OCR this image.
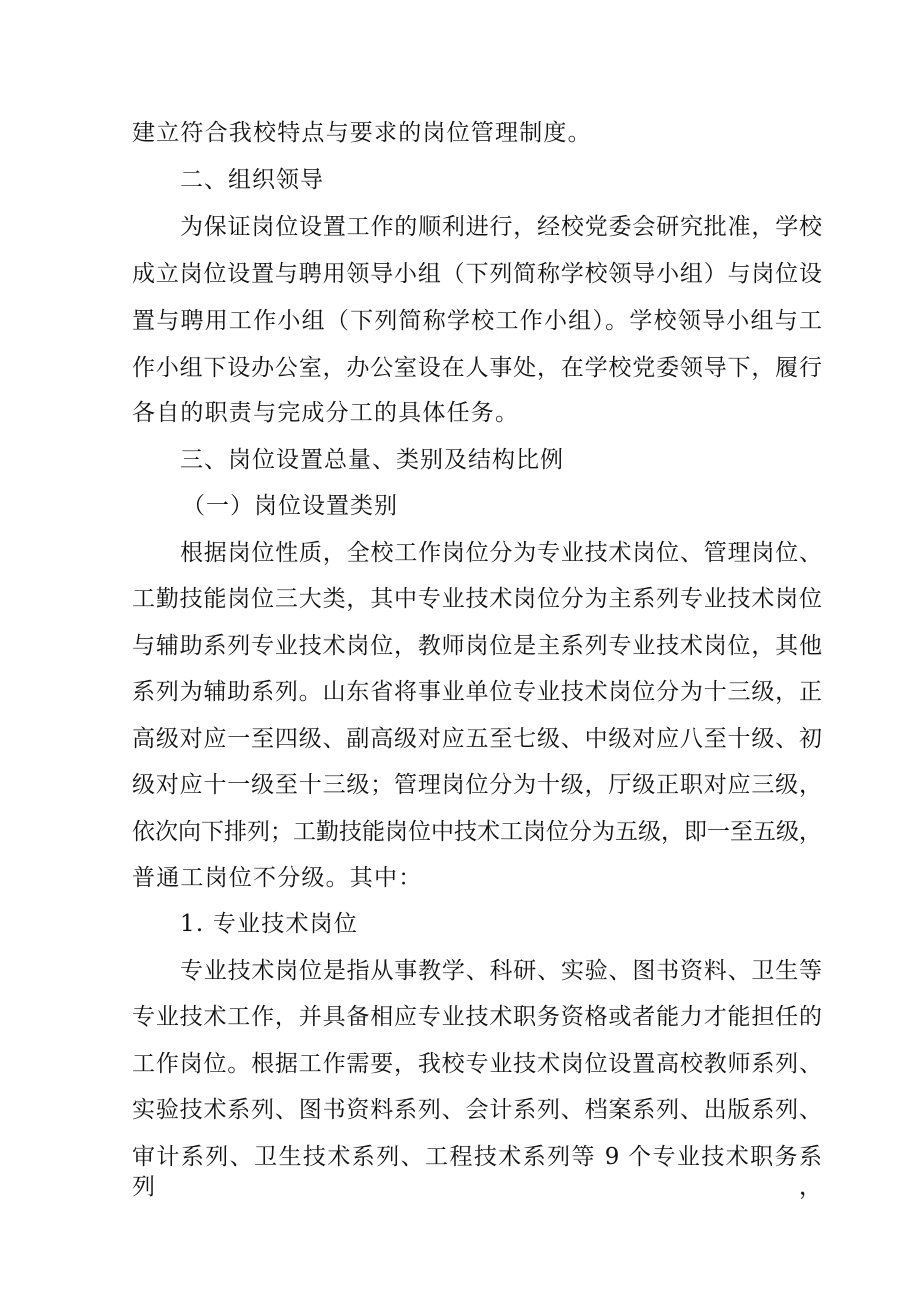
建立符合我校特点与要求的岗位管理制度。
二、组织领导
为保证岗位设置工作的顺利进行，经校党委会研究批准，学校
成立岗位设置与聘用领导小组（下列简称学校领导小组）与岗位设
置与聘用工作小组（下列简称学校工作小组）。学校领导小组与工
作小组下设办公室，办公室设在人事处，在学校党委领导下，履行
各自的职责与完成分工的具体任务。
三、岗位设置总量、类别及结构比例
（一）岗位设置类别
根据岗位性质，全校工作岗位分为专业技术岗位、管理岗位、
工勤技能岗位三大类，其中专业技术岗位分为主系列专业技术岗位
与辅助系列专业技术岗位，教师岗位是主系列专业技术岗位，其他
系列为辅助系列。山东省将事业单位专业技术岗位分为十三级，正
高级对应一至四级、副高级对应五至七级、中级对应八至十级、初
级对应十一级至十三级；管理岗位分为十级，厅级正职对应三级，
依次向下排列；工勤技能岗位中技术工岗位分为五级，即一至五级，
普通工岗位不分级。其中：
1. 专业技术岗位
专业技术岗位是指从事教学、科研、实验、图书资料、卫生等
专业技术工作，并具备相应专业技术职务资格或者能力才能担任的
工作岗位。根据工作需要，我校专业技术岗位设置高校教师系列、
实验技术系列、图书资料系列、会计系列、档案系列、出版系列、
审计系列、卫生技术系列、工程技术系列等 9 个专业技术职务系列，
